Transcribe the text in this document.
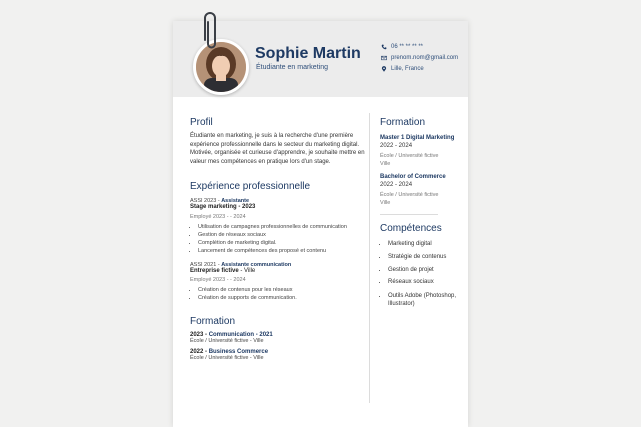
Sophie Martin
Étudiante en marketing
06 ** ** ** **
prenom.nom@gmail.com
Lille, France
Profil
Étudiante en marketing, je suis à la recherche d'une première expérience professionnelle dans le secteur du marketing digital. Motivée, organisée et curieuse d'apprendre, je souhaite mettre en valeur mes compétences en pratique lors d'un stage.
Expérience professionnelle
ASSI 2023 - Assistante
Stage marketing - 2023
Employé 2023 - - 2024
• Utilisation de campagnes professionnelles de communication
• Gestion de réseaux sociaux
• Complétion de marketing digital.
• Lancement de compétences des proposé et contenu
ASSI 2021 - Assistante communication
Entreprise fictive - Ville
Employé 2023 - - 2024
• Création de contenus pour les réseaux
• Création de supports de communication.
Formation
2023 - Communication - 2021
École / Université fictive - Ville
2022 - Business Commerce
École / Université fictive - Ville
Formation
Master 1 Digital Marketing
2022 - 2024
École / Université fictive
Ville
Bachelor of Commerce
2022 - 2024
École / Université fictive
Ville
Compétences
• Marketing digital
• Stratégie de contenus
• Gestion de projet
• Réseaux sociaux
• Outils Adobe (Photoshop, Illustrator)
